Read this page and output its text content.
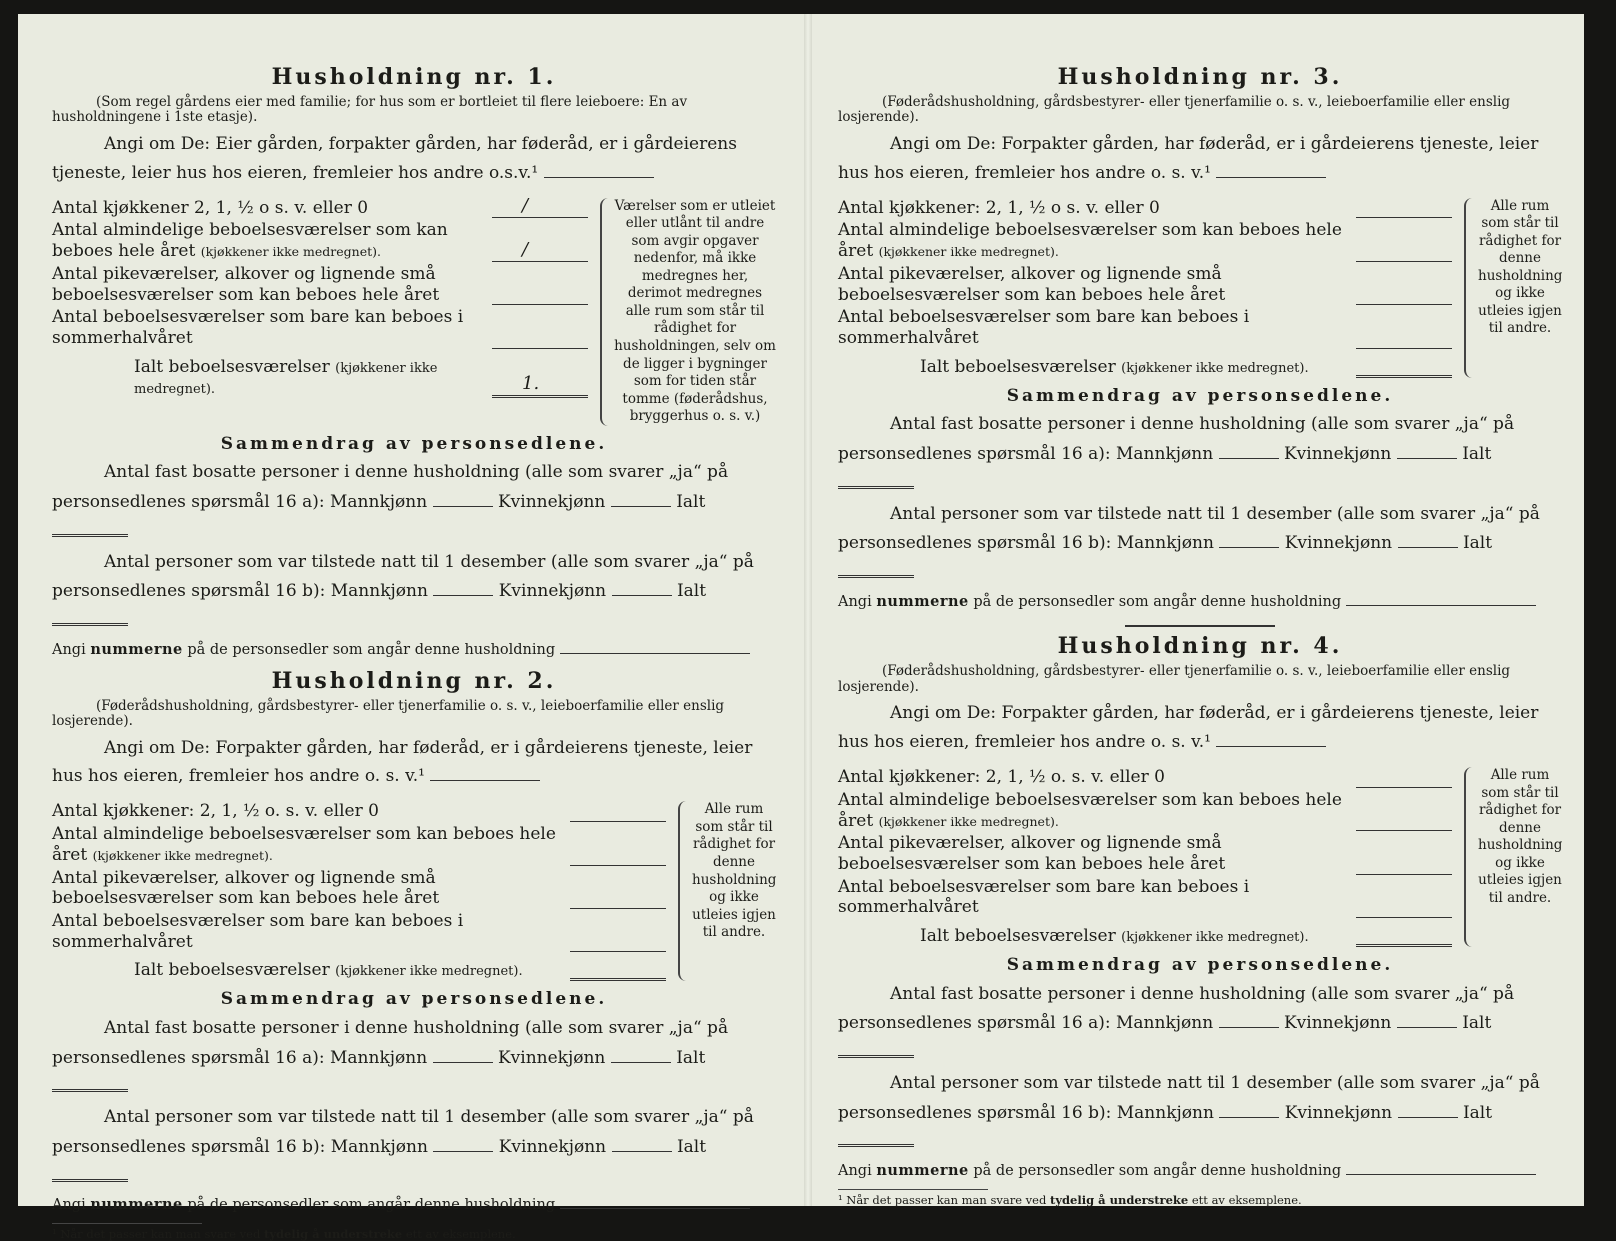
Husholdning nr. 1.
(Som regel gårdens eier med familie; for hus som er bortleiet til flere leieboere: En av husholdningene i 1ste etasje).
Angi om De: Eier gården, forpakter gården, har føderåd, er i gårdeierens tjeneste, leier hus hos eieren, fremleier hos andre o.s.v.¹
Antal kjøkkener 2, 1, ½ o s. v. eller 0	/
Antal almindelige beboelsesværelser som kan beboes hele året (kjøkkener ikke medregnet).	/
Antal pikeværelser, alkover og lignende små beboelsesværelser som kan beboes hele året
Antal beboelsesværelser som bare kan beboes i sommerhalvåret
Ialt beboelsesværelser (kjøkkener ikke medregnet).	1.
Værelser som er utleiet eller utlånt til andre som avgir opgaver nedenfor, må ikke medregnes her, derimot medregnes alle rum som står til rådighet for husholdningen, selv om de ligger i bygninger som for tiden står tomme (føderådshus, bryggerhus o. s. v.)
Sammendrag av personsedlene.
Antal fast bosatte personer i denne husholdning (alle som svarer „ja“ på personsedlenes spørsmål 16 a): Mannkjønn	Kvinnekjønn	Ialt
Antal personer som var tilstede natt til 1 desember (alle som svarer „ja“ på personsedlenes spørsmål 16 b): Mannkjønn	Kvinnekjønn	Ialt
Angi nummerne på de personsedler som angår denne husholdning
Husholdning nr. 2.
(Føderådshusholdning, gårdsbestyrer- eller tjenerfamilie o. s. v., leieboerfamilie eller enslig losjerende).
Angi om De: Forpakter gården, har føderåd, er i gårdeierens tjeneste, leier hus hos eieren, fremleier hos andre o. s. v.¹
Antal kjøkkener: 2, 1, ½ o. s. v. eller 0
Antal almindelige beboelsesværelser som kan beboes hele året (kjøkkener ikke medregnet).
Antal pikeværelser, alkover og lignende små beboelsesværelser som kan beboes hele året
Antal beboelsesværelser som bare kan beboes i sommerhalvåret
Ialt beboelsesværelser (kjøkkener ikke medregnet).
Alle rum som står til rådighet for denne husholdning og ikke utleies igjen til andre.
Sammendrag av personsedlene.
Antal fast bosatte personer i denne husholdning (alle som svarer „ja“ på personsedlenes spørsmål 16 a): Mannkjønn	Kvinnekjønn	Ialt
Antal personer som var tilstede natt til 1 desember (alle som svarer „ja“ på personsedlenes spørsmål 16 b): Mannkjønn	Kvinnekjønn	Ialt
Angi nummerne på de personsedler som angår denne husholdning
¹ Når det passer kan man svare ved tydelig å understreke ett av eksemplene.
Husholdning nr. 3.
(Føderådshusholdning, gårdsbestyrer- eller tjenerfamilie o. s. v., leieboerfamilie eller enslig losjerende).
Angi om De: Forpakter gården, har føderåd, er i gårdeierens tjeneste, leier hus hos eieren, fremleier hos andre o. s. v.¹
Antal kjøkkener: 2, 1, ½ o s. v. eller 0
Antal almindelige beboelsesværelser som kan beboes hele året (kjøkkener ikke medregnet).
Antal pikeværelser, alkover og lignende små beboelsesværelser som kan beboes hele året
Antal beboelsesværelser som bare kan beboes i sommerhalvåret
Ialt beboelsesværelser (kjøkkener ikke medregnet).
Alle rum som står til rådighet for denne husholdning og ikke utleies igjen til andre.
Sammendrag av personsedlene.
Antal fast bosatte personer i denne husholdning (alle som svarer „ja“ på personsedlenes spørsmål 16 a): Mannkjønn	Kvinnekjønn	Ialt
Antal personer som var tilstede natt til 1 desember (alle som svarer „ja“ på personsedlenes spørsmål 16 b): Mannkjønn	Kvinnekjønn	Ialt
Angi nummerne på de personsedler som angår denne husholdning
Husholdning nr. 4.
(Føderådshusholdning, gårdsbestyrer- eller tjenerfamilie o. s. v., leieboerfamilie eller enslig losjerende).
Angi om De: Forpakter gården, har føderåd, er i gårdeierens tjeneste, leier hus hos eieren, fremleier hos andre o. s. v.¹
Antal kjøkkener: 2, 1, ½ o. s. v. eller 0
Antal almindelige beboelsesværelser som kan beboes hele året (kjøkkener ikke medregnet).
Antal pikeværelser, alkover og lignende små beboelsesværelser som kan beboes hele året
Antal beboelsesværelser som bare kan beboes i sommerhalvåret
Ialt beboelsesværelser (kjøkkener ikke medregnet).
Alle rum som står til rådighet for denne husholdning og ikke utleies igjen til andre.
Sammendrag av personsedlene.
Antal fast bosatte personer i denne husholdning (alle som svarer „ja“ på personsedlenes spørsmål 16 a): Mannkjønn	Kvinnekjønn	Ialt
Antal personer som var tilstede natt til 1 desember (alle som svarer „ja“ på personsedlenes spørsmål 16 b): Mannkjønn	Kvinnekjønn	Ialt
Angi nummerne på de personsedler som angår denne husholdning
¹ Når det passer kan man svare ved tydelig å understreke ett av eksemplene.
